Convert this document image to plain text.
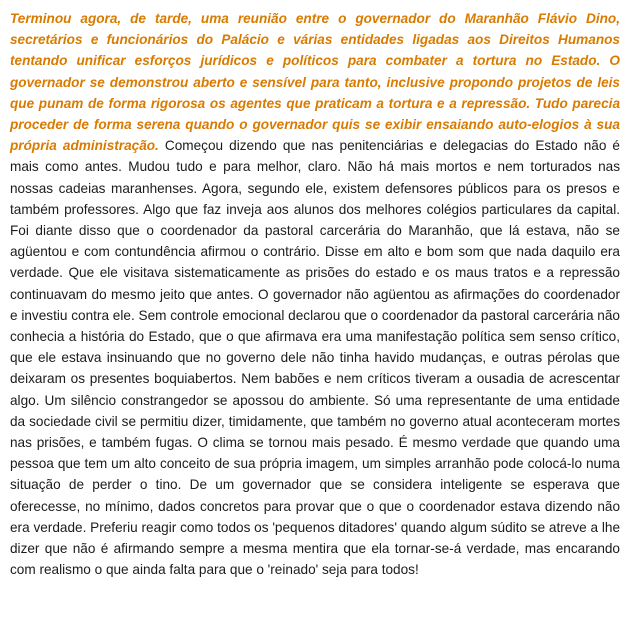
Terminou agora, de tarde, uma reunião entre o governador do Maranhão Flávio Dino, secretários e funcionários do Palácio e várias entidades ligadas aos Direitos Humanos tentando unificar esforços jurídicos e políticos para combater a tortura no Estado. O governador se demonstrou aberto e sensível para tanto, inclusive propondo projetos de leis que punam de forma rigorosa os agentes que praticam a tortura e a repressão. Tudo parecia proceder de forma serena quando o governador quis se exibir ensaiando auto-elogios à sua própria administração. Começou dizendo que nas penitenciárias e delegacias do Estado não é mais como antes. Mudou tudo e para melhor, claro. Não há mais mortos e nem torturados nas nossas cadeias maranhenses. Agora, segundo ele, existem defensores públicos para os presos e também professores. Algo que faz inveja aos alunos dos melhores colégios particulares da capital. Foi diante disso que o coordenador da pastoral carcerária do Maranhão, que lá estava, não se agüentou e com contundência afirmou o contrário. Disse em alto e bom som que nada daquilo era verdade. Que ele visitava sistematicamente as prisões do estado e os maus tratos e a repressão continuavam do mesmo jeito que antes. O governador não agüentou as afirmações do coordenador e investiu contra ele. Sem controle emocional declarou que o coordenador da pastoral carcerária não conhecia a história do Estado, que o que afirmava era uma manifestação política sem senso crítico, que ele estava insinuando que no governo dele não tinha havido mudanças, e outras pérolas que deixaram os presentes boquiabertos. Nem babões e nem críticos tiveram a ousadia de acrescentar algo. Um silêncio constrangedor se apossou do ambiente. Só uma representante de uma entidade da sociedade civil se permitiu dizer, timidamente, que também no governo atual aconteceram mortes nas prisões, e também fugas. O clima se tornou mais pesado. É mesmo verdade que quando uma pessoa que tem um alto conceito de sua própria imagem, um simples arranhão pode colocá-lo numa situação de perder o tino. De um governador que se considera inteligente se esperava que oferecesse, no mínimo, dados concretos para provar que o que o coordenador estava dizendo não era verdade. Preferiu reagir como todos os 'pequenos ditadores' quando algum súdito se atreve a lhe dizer que não é afirmando sempre a mesma mentira que ela tornar-se-á verdade, mas encarando com realismo o que ainda falta para que o 'reinado' seja para todos!
